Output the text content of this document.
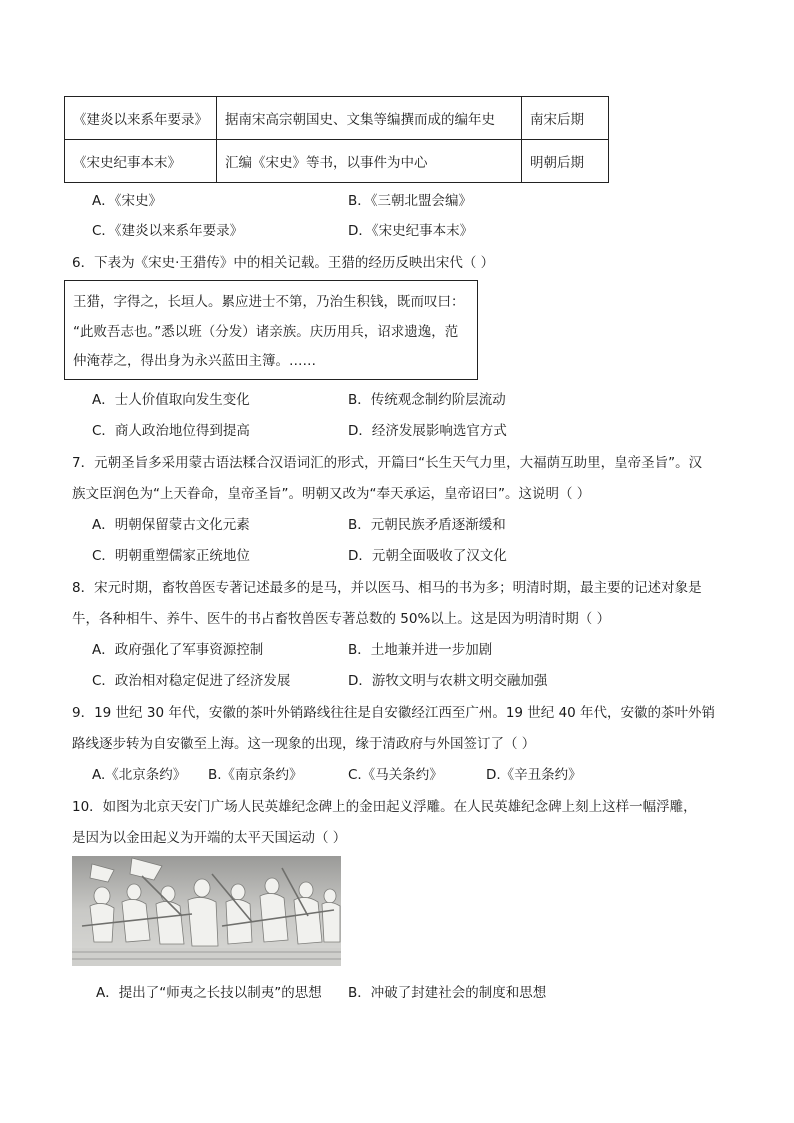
《建炎以来系年要录》	据南宋高宗朝国史、文集等编撰而成的编年史	南宋后期
《宋史纪事本末》	汇编《宋史》等书，以事件为中心	明朝后期
A．《宋史》	B．《三朝北盟会编》
C．《建炎以来系年要录》	D．《宋史纪事本末》
6．下表为《宋史·王猎传》中的相关记载。王猎的经历反映出宋代（ ）

王猎，字得之，长垣人。累应进士不第，乃治生积钱，既而叹曰：

“此败吾志也。”悉以班（分发）诸亲族。庆历用兵，诏求遗逸，范

仲淹荐之，得出身为永兴蓝田主簿。……

A．士人价值取向发生变化	B．传统观念制约阶层流动
C．商人政治地位得到提高	D．经济发展影响选官方式
7．元朝圣旨多采用蒙古语法糅合汉语词汇的形式，开篇曰“长生天气力里，大福荫互助里，皇帝圣旨”。汉
族文臣润色为“上天眷命，皇帝圣旨”。明朝又改为“奉天承运，皇帝诏曰”。这说明（ ）
A．明朝保留蒙古文化元素	B．元朝民族矛盾逐渐缓和
C．明朝重塑儒家正统地位	D．元朝全面吸收了汉文化
8．宋元时期，畜牧兽医专著记述最多的是马，并以医马、相马的书为多；明清时期，最主要的记述对象是
牛，各种相牛、养牛、医牛的书占畜牧兽医专著总数的 50%以上。这是因为明清时期（ ）
A．政府强化了军事资源控制	B．土地兼并进一步加剧
C．政治相对稳定促进了经济发展	D．游牧文明与农耕文明交融加强
9．19 世纪 30 年代，安徽的茶叶外销路线往往是自安徽经江西至广州。19 世纪 40 年代，安徽的茶叶外销
路线逐步转为自安徽至上海。这一现象的出现，缘于清政府与外国签订了（ ）
A.《北京条约》 B.《南京条约》	C.《马关条约》	D.《辛丑条约》
10．如图为北京天安门广场人民英雄纪念碑上的金田起义浮雕。在人民英雄纪念碑上刻上这样一幅浮雕，
是因为以金田起义为开端的太平天国运动（ ）
A．提出了“师夷之长技以制夷”的思想 B．冲破了封建社会的制度和思想
